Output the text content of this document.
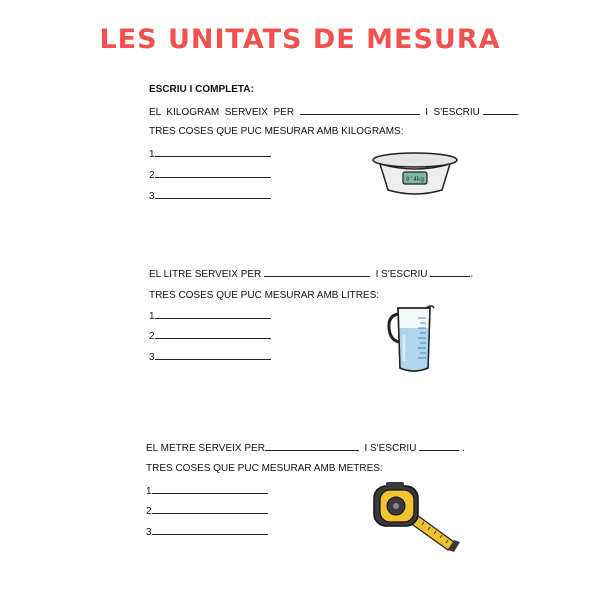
LES UNITATS DE MESURA
ESCRIU I COMPLETA:
EL  KILOGRAM  SERVEIX  PER	I  S'ESCRIU	.
TRES COSES QUE PUC MESURAR AMB KILOGRAMS:
1
2
3
0'4kg
EL LITRE SERVEIX PER	I S'ESCRIU	.
TRES COSES QUE PUC MESURAR AMB LITRES:
1
2
3
EL METRE SERVEIX PER	I S'ESCRIU	.
TRES COSES QUE PUC MESURAR AMB METRES:
1
2
3
